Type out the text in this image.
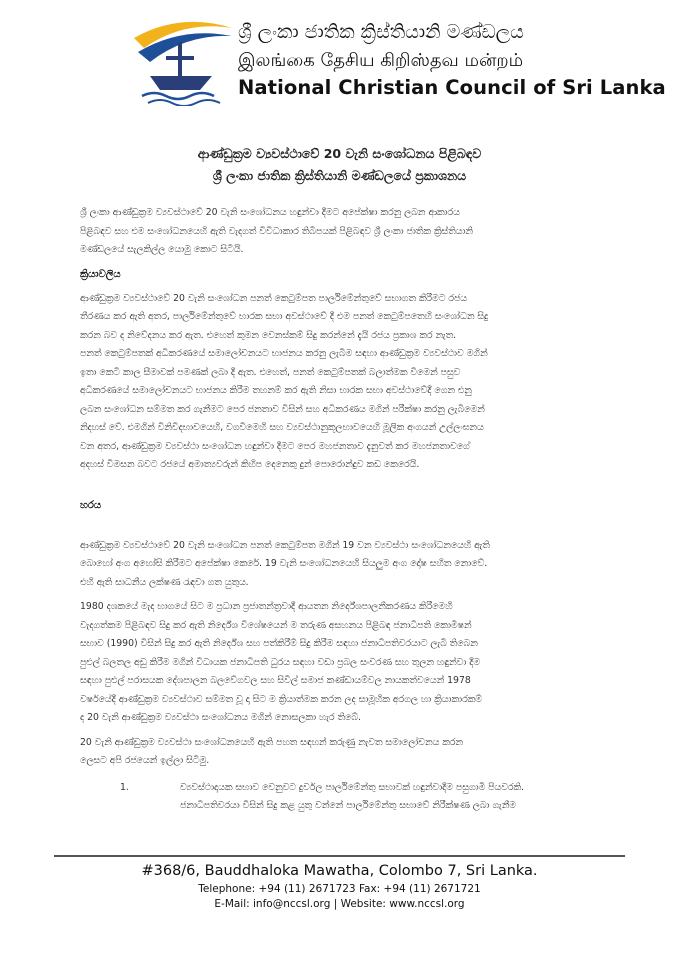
ශ්‍රී ලංකා ජාතික ක්‍රිස්තියානි මණ්ඩලය
இலங்கை தேசிய கிறிஸ்தவ மன்றம்
National Christian Council of Sri Lanka
ආණ්ඩුක්‍රම ව්‍යවස්ථාවේ 20 වැනි සංශෝධනය පිළිබඳව
ශ්‍රී ලංකා ජාතික ක්‍රිස්තියානි මණ්ඩලයේ ප්‍රකාශනය
ශ්‍රී ලංකා ආණ්ඩුක්‍රම ව්‍යවස්ථාවේ 20 වැනි සංශෝධනය හඳුන්වා දීමට අපේක්ෂා කරනු ලබන ආකාරය
පිළිබඳව සහ එම සංශෝධනයෙහි ඇති වැදගත් විවිධාකාර තිබිපයක් පිළිබඳව ශ්‍රී ලංකා ජාතික ක්‍රිස්තියානි
මණ්ඩලයේ සැලකිල්ල යොමු කොට සිටියි.
ක්‍රියාවලිය
ආණ්ඩුක්‍රම ව්‍යවස්ථාවේ 20 වැනි සංශෝධන පනත් කෙටුම්පත පාර්ලිමේන්තුවේ සභාගත කිරීමට රජය
තීරණය කර ඇති අතර, පාර්ලිමේන්තුවේ භාරක සභා අවස්ථාවේ දී එම පනත් කෙටුම්පතෙහි සංශෝධන සිදු
කරන බව ද නිවේදනය කර ඇත. එහෙත් කුමන වෙනස්කම් සිදු කරන්නේ දැයි රජය ප්‍රකාශ කර නැත.
පනත් කෙටුම්පතක් අධිකරණයේ සමාලෝචනයට භාජනය කරනු ලැබීම සඳහා ආණ්ඩුක්‍රම ව්‍යවස්ථාව මගින්
ඉතා කෙටි කාල සීමාවක් පමණක් ලබා දී ඇත. එහෙත්, පනත් කෙටුම්පතක් බලාත්මක වීමෙන් පසුව
අධිකරණයේ සමාලෝචනයට භාජනය කිරීම තහනම් කර ඇති නිසා භාරක සභා අවස්ථාවේදී ගෙන එනු
ලබන සංශෝධන සම්මත කර ගැනීමට පෙර ජනතාව විසින් සහ අධිකරණය මගින් පරීක්ෂා කරනු ලැබීමෙන්
නිදහස් වේ. එමගින් විනිවිදභාවයෙහි, වගවීමෙහි සහ ව්‍යවස්ථානුකූලභාවයෙහි මූලික අංගයන් උල්ලංඝනය
වන අතර, ආණ්ඩුක්‍රම ව්‍යවස්ථා සංශෝධන හඳුන්වා දීමට පෙර මහජනතාව දැනුවත් කර මහජනතාවගේ
අදහස් විමසන බවට රජයේ අමාත්‍යවරුන් කිහිප දෙනෙකු දුන් පොරොන්දුව කඩ කෙරෙයි.
හරය
ආණ්ඩුක්‍රම ව්‍යවස්ථාවේ 20 වැනි සංශෝධන පනත් කෙටුම්පත මගින් 19 වන ව්‍යවස්ථා සංශෝධනයෙහි ඇති
බොහෝ අංග අහෝසි කිරීමට අපේක්ෂා කෙරේ. 19 වැනි සංශෝධනයෙහි සියලුම අංග දෝෂ සහිත නොවේ.
එහි ඇති සාධනීය ලක්ෂණ රැඳවා ගත යුතුය.
1980 දශකයේ මැද භාගයේ සිට ම ප්‍රධාන ප්‍රජාතන්ත්‍රවාදී ආයතන නිර්දේශපාලනීකරණය කිරීමෙහි
වැදගත්කම පිළිබඳව සිදු කර ඇති නිර්දේශ විශේෂයෙන් ම තරුණ අසහනය පිළිබඳ ජනාධිපති කොමිෂන්
සභාව (1990) විසින් සිදු කර ඇති නිර්දේශ සහ පත්කිරීම් සිදු කිරීම සඳහා ජනාධිපතිවරයාට ලැබී තිබෙන
පුළුල් බලතල අඩු කිරීම මගින් විධායක ජනාධිපති ධුරය සඳහා වඩා ප්‍රබල සංවරණ සහ තුලන හඳුන්වා දීම
සඳහා පුළුල් පරාසයක දේශපාලන බලවේගවල සහ සිවිල් සමාජ කණ්ඩායම්වල නායකත්වයෙන් 1978
වර්ෂයේදී ආණ්ඩුක්‍රම ව්‍යවස්ථාව සම්මත වූ දා සිට ම ක්‍රියාත්මක කරන ලද සාමූහික අරගල හා ක්‍රියාකාරකම්
ද 20 වැනි ආණ්ඩුක්‍රම ව්‍යවස්ථා සංශෝධනය මගින් නොසලකා හැර තිබේ.
20 වැනි ආණ්ඩුක්‍රම ව්‍යවස්ථා සංශෝධනයෙහි ඇති පහත සඳහන් කරුණු නැවත සමාලෝචනය කරන
ලෙසට අපි රජයෙන් ඉල්ලා සිටිමු.
1.	ව්‍යවස්ථාදායක සභාව වෙනුවට දුර්වල පාර්ලිමේන්තු සභාවක් හඳුන්වාදීම පසුගාමී පියවරකි.
ජනාධිපතිවරයා විසින් සිදු කළ යුතු වන්නේ පාර්ලිමේන්තු සභාවේ නිරීක්ෂණ ලබා ගැනීම
#368/6, Bauddhaloka Mawatha, Colombo 7, Sri Lanka.
Telephone: +94 (11) 2671723 Fax: +94 (11) 2671721
E-Mail: info@nccsl.org | Website: www.nccsl.org
